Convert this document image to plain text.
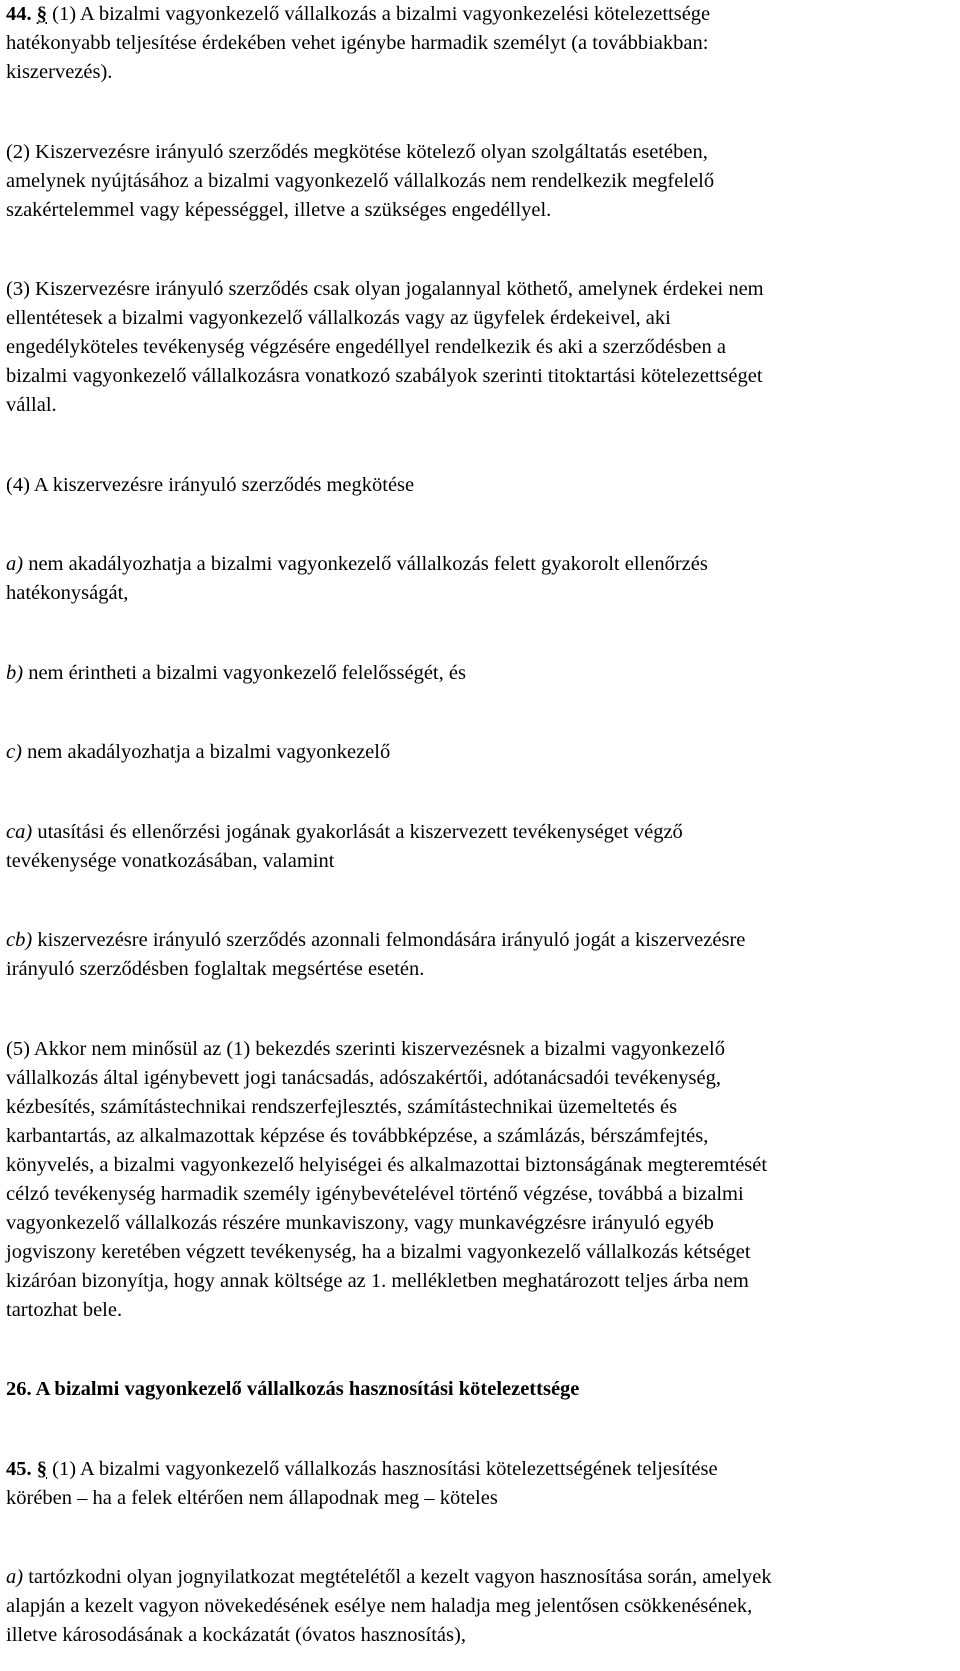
44. § (1) A bizalmi vagyonkezelő vállalkozás a bizalmi vagyonkezelési kötelezettsége
hatékonyabb teljesítése érdekében vehet igénybe harmadik személyt (a továbbiakban:
kiszervezés).

(2) Kiszervezésre irányuló szerződés megkötése kötelező olyan szolgáltatás esetében,
amelynek nyújtásához a bizalmi vagyonkezelő vállalkozás nem rendelkezik megfelelő
szakértelemmel vagy képességgel, illetve a szükséges engedéllyel.

(3) Kiszervezésre irányuló szerződés csak olyan jogalannyal köthető, amelynek érdekei nem
ellentétesek a bizalmi vagyonkezelő vállalkozás vagy az ügyfelek érdekeivel, aki
engedélyköteles tevékenység végzésére engedéllyel rendelkezik és aki a szerződésben a
bizalmi vagyonkezelő vállalkozásra vonatkozó szabályok szerinti titoktartási kötelezettséget
vállal.

(4) A kiszervezésre irányuló szerződés megkötése

a) nem akadályozhatja a bizalmi vagyonkezelő vállalkozás felett gyakorolt ellenőrzés
hatékonyságát,

b) nem érintheti a bizalmi vagyonkezelő felelősségét, és

c) nem akadályozhatja a bizalmi vagyonkezelő

ca) utasítási és ellenőrzési jogának gyakorlását a kiszervezett tevékenységet végző
tevékenysége vonatkozásában, valamint

cb) kiszervezésre irányuló szerződés azonnali felmondására irányuló jogát a kiszervezésre
irányuló szerződésben foglaltak megsértése esetén.

(5) Akkor nem minősül az (1) bekezdés szerinti kiszervezésnek a bizalmi vagyonkezelő
vállalkozás által igénybevett jogi tanácsadás, adószakértői, adótanácsadói tevékenység,
kézbesítés, számítástechnikai rendszerfejlesztés, számítástechnikai üzemeltetés és
karbantartás, az alkalmazottak képzése és továbbképzése, a számlázás, bérszámfejtés,
könyvelés, a bizalmi vagyonkezelő helyiségei és alkalmazottai biztonságának megteremtését
célzó tevékenység harmadik személy igénybevételével történő végzése, továbbá a bizalmi
vagyonkezelő vállalkozás részére munkaviszony, vagy munkavégzésre irányuló egyéb
jogviszony keretében végzett tevékenység, ha a bizalmi vagyonkezelő vállalkozás kétséget
kizáróan bizonyítja, hogy annak költsége az 1. mellékletben meghatározott teljes árba nem
tartozhat bele.

26. A bizalmi vagyonkezelő vállalkozás hasznosítási kötelezettsége

45. § (1) A bizalmi vagyonkezelő vállalkozás hasznosítási kötelezettségének teljesítése
körében – ha a felek eltérően nem állapodnak meg – köteles

a) tartózkodni olyan jognyilatkozat megtételétől a kezelt vagyon hasznosítása során, amelyek
alapján a kezelt vagyon növekedésének esélye nem haladja meg jelentősen csökkenésének,
illetve károsodásának a kockázatát (óvatos hasznosítás),
